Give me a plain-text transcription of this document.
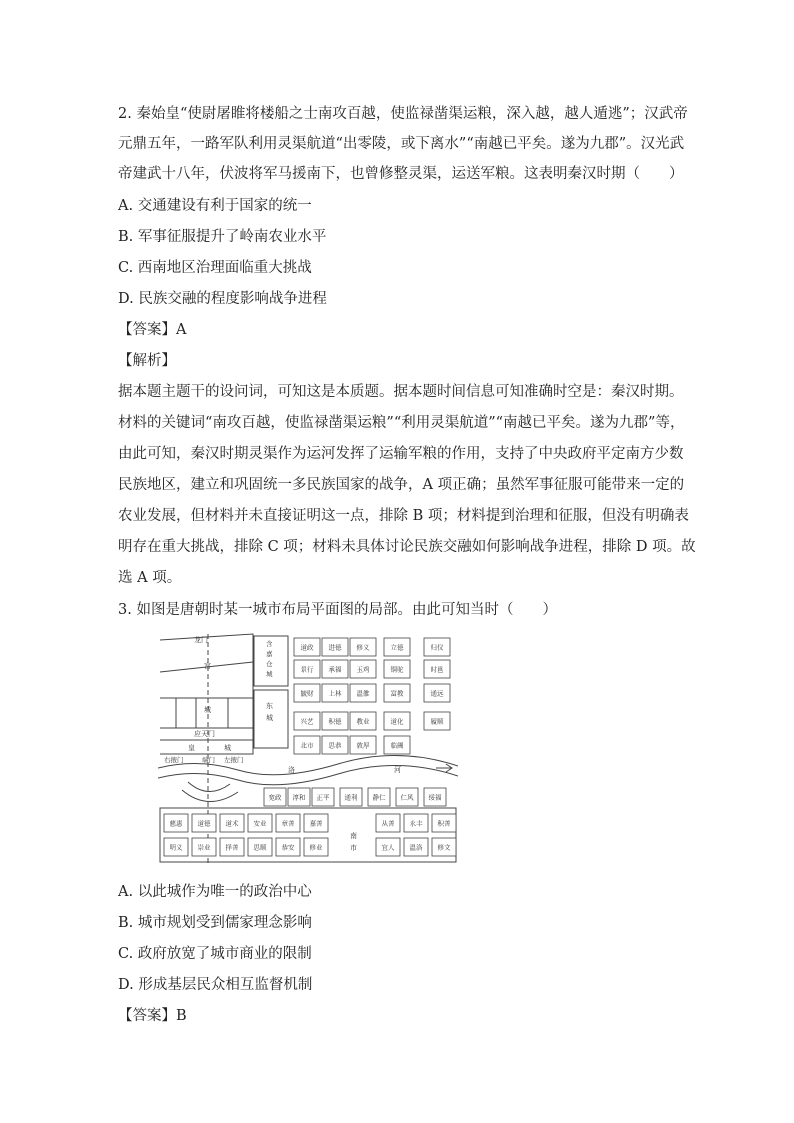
2. 秦始皇“使尉屠睢将楼船之士南攻百越，使监禄凿渠运粮，深入越，越人遁逃”；汉武帝
元鼎五年，一路军队利用灵渠航道“出零陵，或下离水”“南越已平矣。遂为九郡”。汉光武
帝建武十八年，伏波将军马援南下，也曾修整灵渠，运送军粮。这表明秦汉时期（　　）
A. 交通建设有利于国家的统一
B. 军事征服提升了岭南农业水平
C. 西南地区治理面临重大挑战
D. 民族交融的程度影响战争进程
【答案】A
【解析】
据本题主题干的设问词，可知这是本质题。据本题时间信息可知准确时空是：秦汉时期。
材料的关键词“南攻百越，使监禄凿渠运粮”“利用灵渠航道”“南越已平矣。遂为九郡”等，
由此可知，秦汉时期灵渠作为运河发挥了运输军粮的作用，支持了中央政府平定南方少数
民族地区，建立和巩固统一多民族国家的战争，A 项正确；虽然军事征服可能带来一定的
农业发展，但材料并未直接证明这一点，排除 B 项；材料提到治理和征服，但没有明确表
明存在重大挑战，排除 C 项；材料未具体讨论民族交融如何影响战争进程，排除 D 项。故
选 A 项。
3. 如图是唐朝时某一城市布局平面图的局部。由此可知当时（　　）
道政 进德 修义	立德	归仪
景行 承福 玉鸡	铜驼	时邕
毓财 上林 温雒	富教	通远
兴艺 积德 教业	道化	履顺
北市 思恭 敦厚	临阓
慈惠 道德 道术 安业 章善 嘉善	从善 永丰 积善
明义 崇业 择善 思顺 恭安 修业	宜人 温洛 修文
宽政 淳和 正平 通利 静仁 仁风 绥福
龙门
宫
城
应天门
皇	城
右掖门	端门 左掖门
含
嘉
仓
城
东
城
洛	河
南
市
A. 以此城作为唯一的政治中心
B. 城市规划受到儒家理念影响
C. 政府放宽了城市商业的限制
D. 形成基层民众相互监督机制
【答案】B
